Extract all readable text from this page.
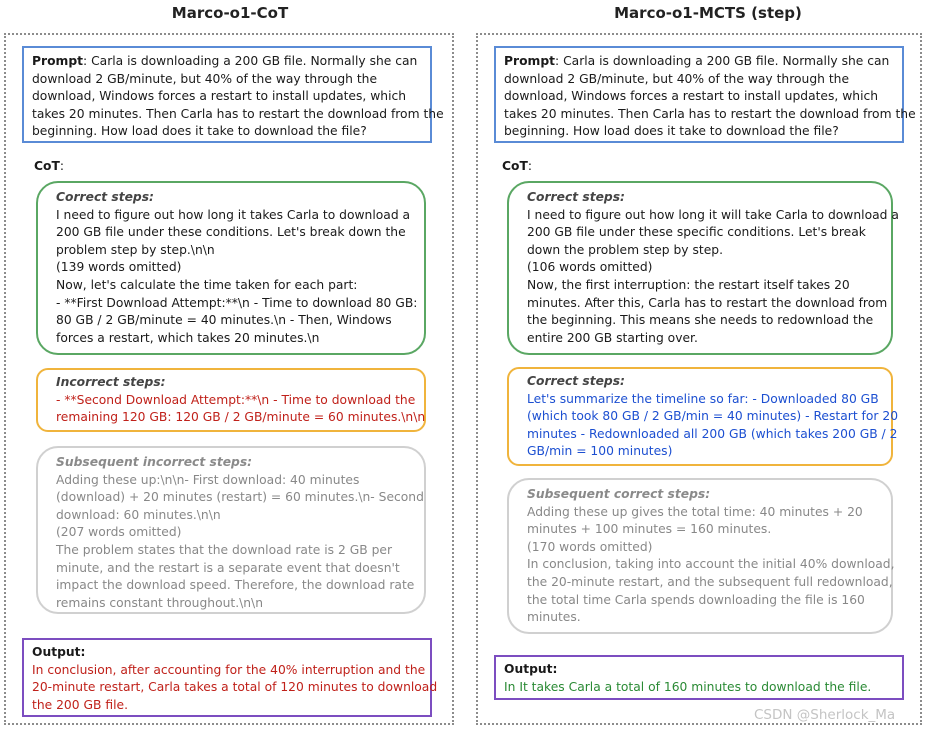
Marco-o1-CoT
Prompt: Carla is downloading a 200 GB file. Normally she can
download 2 GB/minute, but 40% of the way through the
download, Windows forces a restart to install updates, which
takes 20 minutes. Then Carla has to restart the download from the
beginning. How load does it take to download the file?
CoT:
Correct steps:
I need to figure out how long it takes Carla to download a
200 GB file under these conditions. Let's break down the
problem step by step.\n\n
(139 words omitted)
Now, let's calculate the time taken for each part:
- **First Download Attempt:**\n - Time to download 80 GB:
80 GB / 2 GB/minute = 40 minutes.\n - Then, Windows
forces a restart, which takes 20 minutes.\n
Incorrect steps:
- **Second Download Attempt:**\n - Time to download the
remaining 120 GB: 120 GB / 2 GB/minute = 60 minutes.\n\n
Subsequent incorrect steps:
Adding these up:\n\n- First download: 40 minutes
(download) + 20 minutes (restart) = 60 minutes.\n- Second
download: 60 minutes.\n\n
(207 words omitted)
The problem states that the download rate is 2 GB per
minute, and the restart is a separate event that doesn't
impact the download speed. Therefore, the download rate
remains constant throughout.\n\n
Output:
In conclusion, after accounting for the 40% interruption and the
20-minute restart, Carla takes a total of 120 minutes to download
the 200 GB file.
Marco-o1-MCTS (step)
Prompt: Carla is downloading a 200 GB file. Normally she can
download 2 GB/minute, but 40% of the way through the
download, Windows forces a restart to install updates, which
takes 20 minutes. Then Carla has to restart the download from the
beginning. How load does it take to download the file?
CoT:
Correct steps:
I need to figure out how long it will take Carla to download a
200 GB file under these specific conditions. Let's break
down the problem step by step.
(106 words omitted)
Now, the first interruption: the restart itself takes 20
minutes. After this, Carla has to restart the download from
the beginning. This means she needs to redownload the
entire 200 GB starting over.
Correct steps:
Let's summarize the timeline so far: - Downloaded 80 GB
(which took 80 GB / 2 GB/min = 40 minutes) - Restart for 20
minutes - Redownloaded all 200 GB (which takes 200 GB / 2
GB/min = 100 minutes)
Subsequent correct steps:
Adding these up gives the total time: 40 minutes + 20
minutes + 100 minutes = 160 minutes.
(170 words omitted)
In conclusion, taking into account the initial 40% download,
the 20-minute restart, and the subsequent full redownload,
the total time Carla spends downloading the file is 160
minutes.
Output:
In It takes Carla a total of 160 minutes to download the file.
CSDN @Sherlock_Ma
